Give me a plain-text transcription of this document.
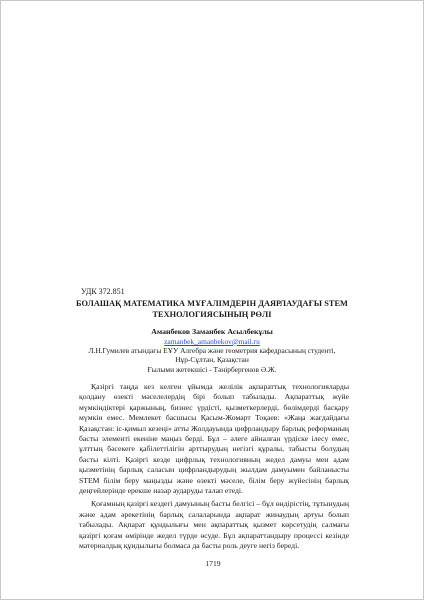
УДК 372.851
БОЛАШАҚ МАТЕМАТИКА МҰҒАЛІМДЕРІН ДАЯРЛАУДАҒЫ STEM
ТЕХНОЛОГИЯСЫНЫҢ РӨЛІ
Аманбеков Заманбек Асылбекұлы
zamanbek_amanbekov@mail.ru
Л.Н.Гумилев атындағы ЕҰУ Алгебра және геометрия кафедрасының студенті,
Нұр-Сұлтан, Қазақстан
Ғылыми жетекшісі - Тәнірбергенов Ә.Ж.

Қазіргі таңда кез келген ұйымда желілік ақпараттық технологияларды қолдану өзекті мәселелердің бірі болып табылады. Ақпараттық жүйе мүмкіндіктері қаржының, бизнес үрдісті, қызметкерлерді, бөлімдерді басқару мүмкін емес. Мемлекет басшысы Қасым-Жомарт Тоқаев: «Жаңа жағдайдағы Қазақстан: іс-қимыл кезеңі» атты Жолдауында цифрландыру барлық реформаның басты элементі екеніне маңыз берді. Бұл – әлеге айналған үрдіске ілесу емес, ұлттың бәсекеге қабілеттілігін арттырудың негізгі құралы, табысты болудың басты кілті. Қазіргі кезде цифрлық технологияның жедел дамуы мен адам қызметінің барлық саласын цифрландырудың жылдам дамуымен байланысты STEM білім беру маңызды және өзекті мәселе, білім беру жүйесінің барлық деңгейлерінде ерекше назар аударуды талап етеді.

Қоғамның қазіргі кездегі дамуының басты белгісі – бұл өндірістің, тұтынудың және адам әрекетінің барлық салаларында ақпарат жинаудың артуы болып табылады. Ақпарат құндылығы мен ақпараттық қызмет көрсетудің салмағы қазіргі қоғам өмірінде жедел түрде өсуде. Бұл ақпараттандыру процессі кезінде материалдық құндылығы болмаса да басты роль деуге негіз береді.

1719
